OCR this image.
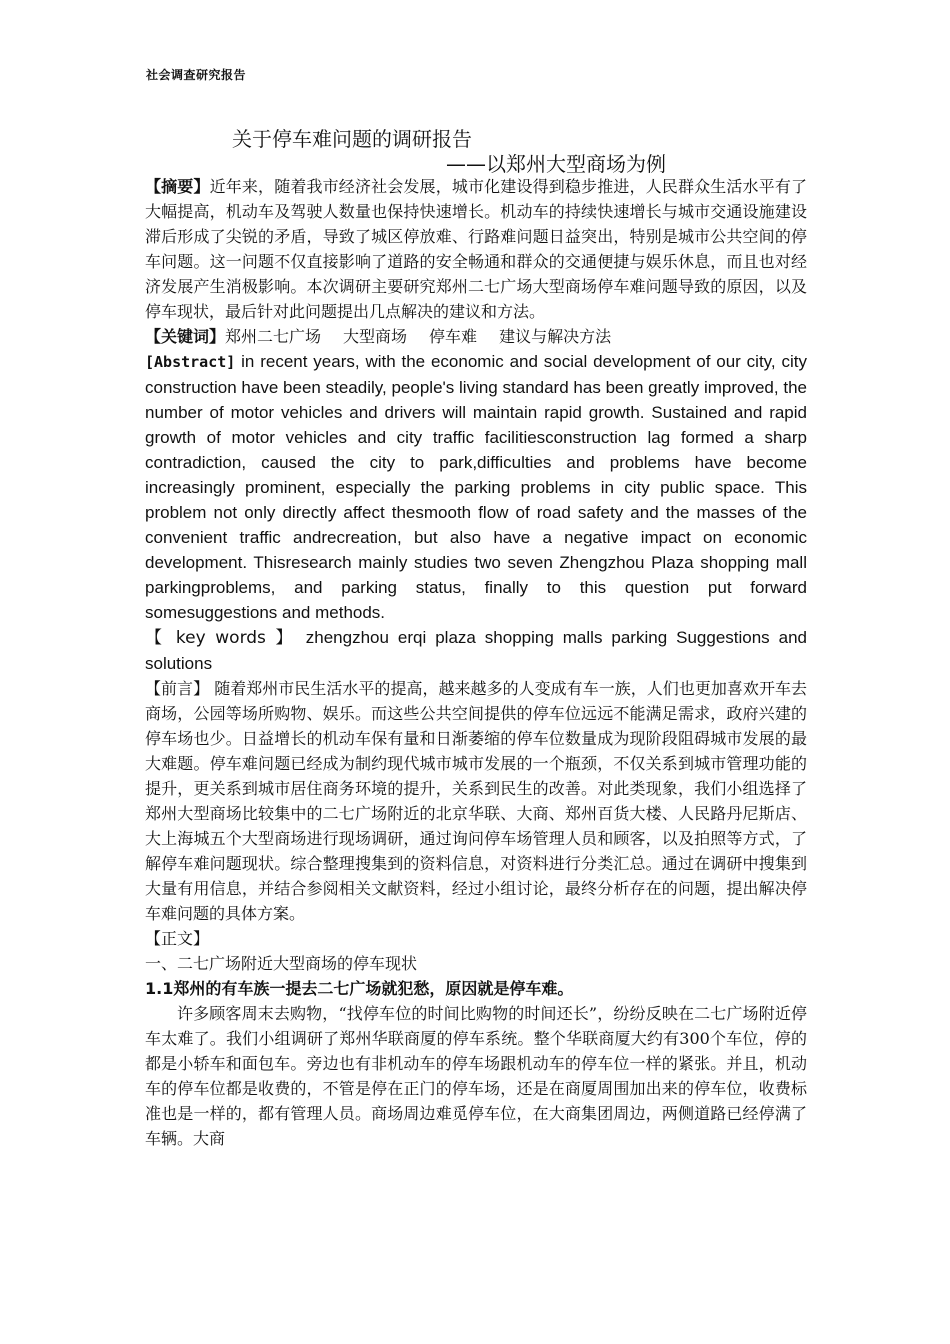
社会调查研究报告
关于停车难问题的调研报告
——以郑州大型商场为例

【摘要】近年来，随着我市经济社会发展，城市化建设得到稳步推进，人民群众生活水平有了大幅提高，机动车及驾驶人数量也保持快速增长。机动车的持续快速增长与城市交通设施建设滞后形成了尖锐的矛盾，导致了城区停放难、行路难问题日益突出，特别是城市公共空间的停车问题。这一问题不仅直接影响了道路的安全畅通和群众的交通便捷与娱乐休息，而且也对经济发展产生消极影响。本次调研主要研究郑州二七广场大型商场停车难问题导致的原因，以及停车现状，最后针对此问题提出几点解决的建议和方法。

【关键词】郑州二七广场 大型商场 停车难 建议与解决方法

[Abstract] in recent years, with the economic and social development of our city, city construction have been steadily, people's living standard has been greatly improved, the number of motor vehicles and drivers will maintain rapid growth. Sustained and rapid growth of motor vehicles and city traffic facilitiesconstruction lag formed a sharp contradiction, caused the city to park,difficulties and problems have become increasingly prominent, especially the parking problems in city public space. This problem not only directly affect thesmooth flow of road safety and the masses of the convenient traffic andrecreation, but also have a negative impact on economic development. Thisresearch mainly studies two seven Zhengzhou Plaza shopping mall parkingproblems, and parking status, finally to this question put forward somesuggestions and methods.

【 key words 】 zhengzhou erqi plaza shopping malls parking Suggestions and solutions

【前言】 随着郑州市民生活水平的提高，越来越多的人变成有车一族，人们也更加喜欢开车去商场，公园等场所购物、娱乐。而这些公共空间提供的停车位远远不能满足需求，政府兴建的停车场也少。日益增长的机动车保有量和日渐萎缩的停车位数量成为现阶段阻碍城市发展的最大难题。停车难问题已经成为制约现代城市城市发展的一个瓶颈，不仅关系到城市管理功能的提升，更关系到城市居住商务环境的提升，关系到民生的改善。对此类现象，我们小组选择了郑州大型商场比较集中的二七广场附近的北京华联、大商、郑州百货大楼、人民路丹尼斯店、大上海城五个大型商场进行现场调研，通过询问停车场管理人员和顾客，以及拍照等方式，了解停车难问题现状。综合整理搜集到的资料信息，对资料进行分类汇总。通过在调研中搜集到大量有用信息，并结合参阅相关文献资料，经过小组讨论，最终分析存在的问题，提出解决停车难问题的具体方案。

【正文】

一、二七广场附近大型商场的停车现状

1.1郑州的有车族一提去二七广场就犯愁，原因就是停车难。

许多顾客周末去购物，“找停车位的时间比购物的时间还长”，纷纷反映在二七广场附近停车太难了。我们小组调研了郑州华联商厦的停车系统。整个华联商厦大约有300个车位，停的都是小轿车和面包车。旁边也有非机动车的停车场跟机动车的停车位一样的紧张。并且，机动车的停车位都是收费的，不管是停在正门的停车场，还是在商厦周围加出来的停车位，收费标准也是一样的，都有管理人员。商场周边难觅停车位，在大商集团周边，两侧道路已经停满了车辆。大商
